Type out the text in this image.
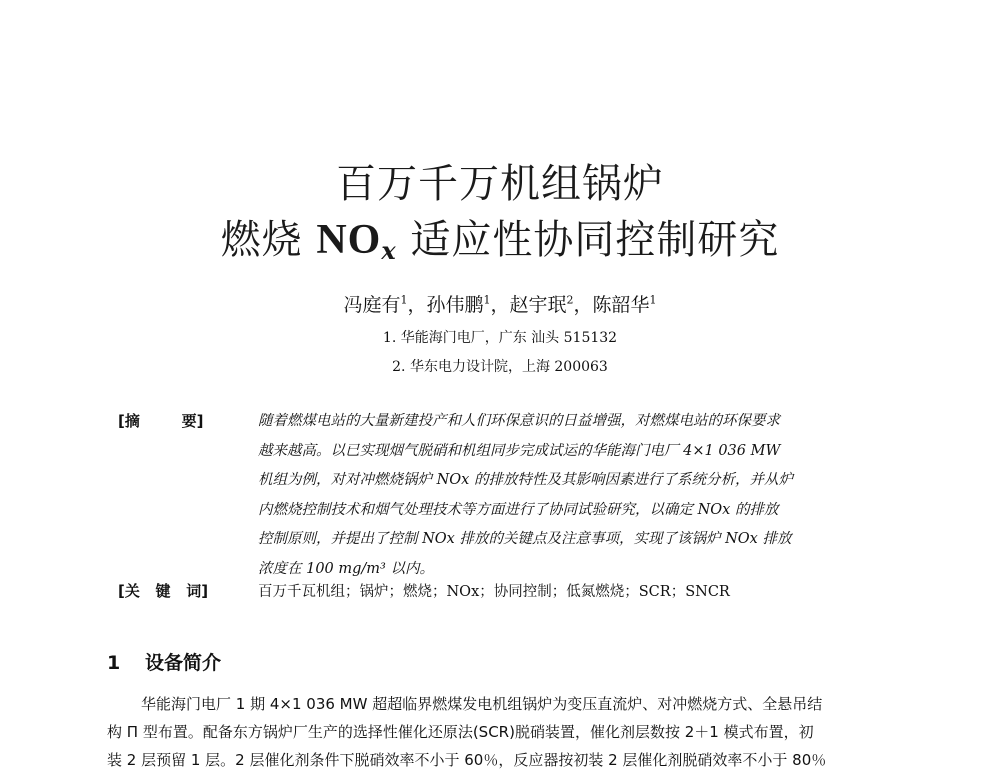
百万千万机组锅炉
燃烧 $NO_x$ 适应性协同控制研究
冯庭有$^1$，孙伟鹏$^1$，赵宇珉$^2$，陈韶华$^1$
1. 华能海门电厂，广东 汕头 515132
2. 华东电力设计院，上海 200063
[摘        要]	随着燃煤电站的大量新建投产和人们环保意识的日益增强，对燃煤电站的环保要求
越来越高。以已实现烟气脱硝和机组同步完成试运的华能海门电厂 4×1 036 MW
机组为例，对对冲燃烧锅炉 NOx 的排放特性及其影响因素进行了系统分析，并从炉
内燃烧控制技术和烟气处理技术等方面进行了协同试验研究，以确定 NOx 的排放
控制原则，并提出了控制 NOx 排放的关键点及注意事项，实现了该锅炉 NOx 排放
浓度在 100 mg/m³ 以内。
[关   键   词]	百万千瓦机组；锅炉；燃烧；NOx；协同控制；低氮燃烧；SCR；SNCR
1 设备简介
华能海门电厂 1 期 4×1 036 MW 超超临界燃煤发电机组锅炉为变压直流炉、对冲燃烧方式、全悬吊结
构 Π 型布置。配备东方锅炉厂生产的选择性催化还原法(SCR)脱硝装置，催化剂层数按 2＋1 模式布置，初
装 2 层预留 1 层。2 层催化剂条件下脱硝效率不小于 60％，反应器按初装 2 层催化剂脱硝效率不小于 80％
